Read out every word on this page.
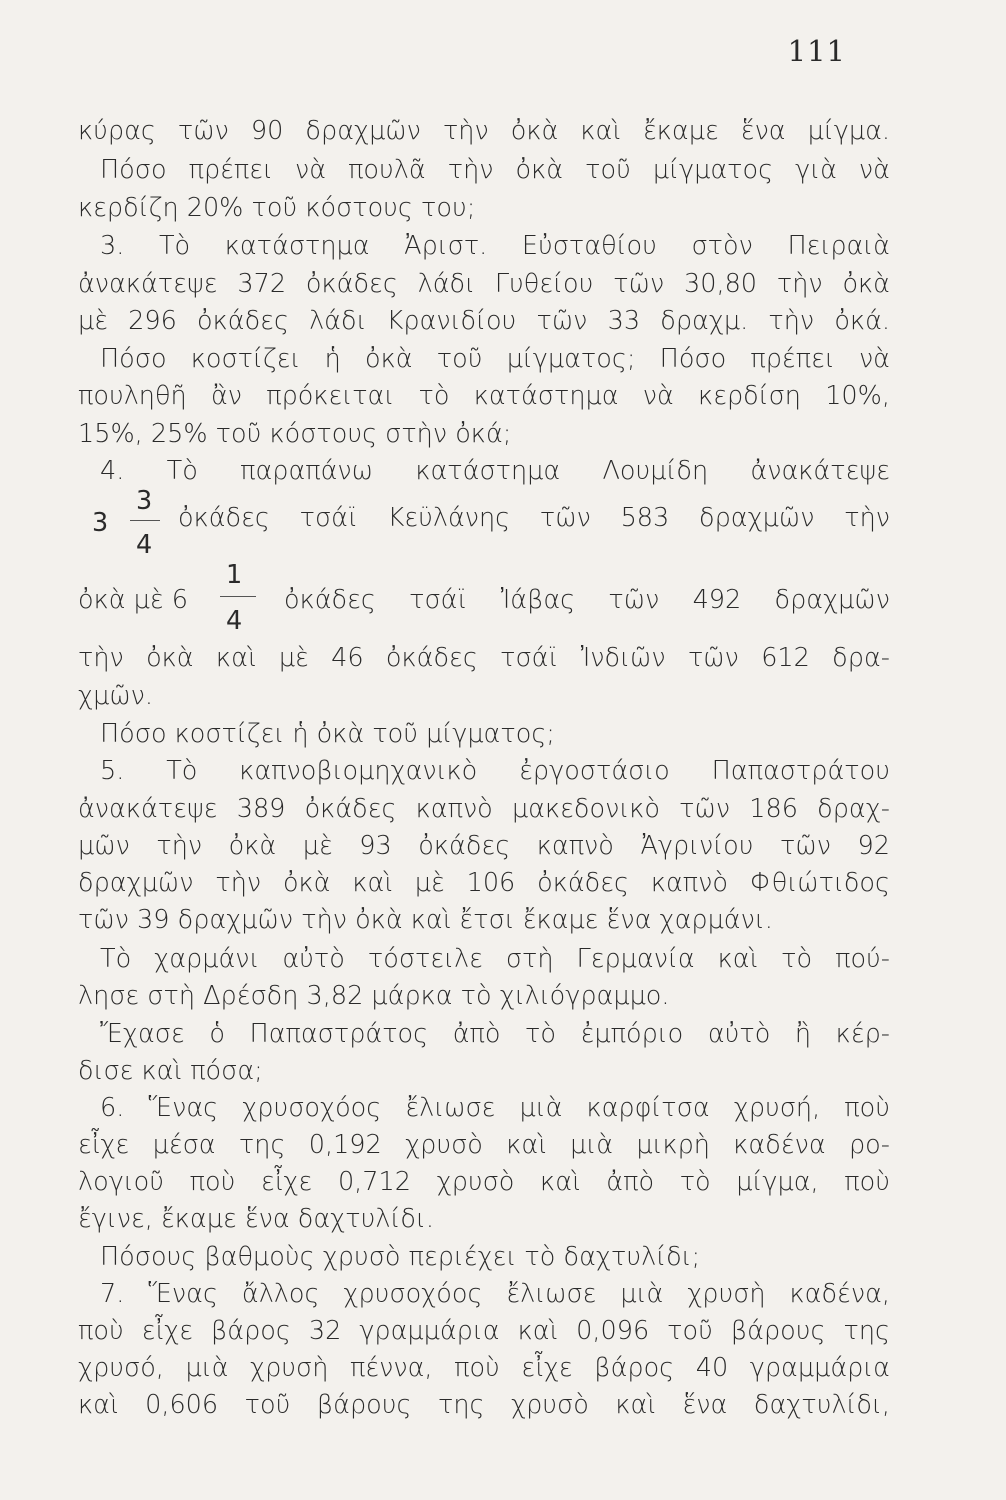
111
κύρας τῶν 90 δραχμῶν τὴν ὀκὰ καὶ ἔκαμε ἕνα μίγμα.
Πόσο πρέπει νὰ πουλᾶ τὴν ὀκὰ τοῦ μίγματος γιὰ νὰ
κερδίζη 20% τοῦ κόστους του;
3. Τὸ κατάστημα Ἀριστ. Εὐσταθίου στὸν Πειραιὰ
ἀνακάτεψε 372 ὀκάδες λάδι Γυθείου τῶν 30,80 τὴν ὀκὰ
μὲ 296 ὀκάδες λάδι Κρανιδίου τῶν 33 δραχμ. τὴν ὀκά.
Πόσο κοστίζει ἡ ὀκὰ τοῦ μίγματος; Πόσο πρέπει νὰ
πουληθῆ ἂν πρόκειται τὸ κατάστημα νὰ κερδίση 10%,
15%, 25% τοῦ κόστους στὴν ὀκά;
4. Τὸ παραπάνω κατάστημα Λουμίδη ἀνακάτεψε
3
3
4
ὀκάδες τσάϊ Κεϋλάνης τῶν 583 δραχμῶν τὴν
ὀκὰ μὲ 6
1
4
ὀκάδες τσάϊ Ἰάβας τῶν 492 δραχμῶν
τὴν ὀκὰ καὶ μὲ 46 ὀκάδες τσάϊ Ἰνδιῶν τῶν 612 δρα-
χμῶν.
Πόσο κοστίζει ἡ ὀκὰ τοῦ μίγματος;
5. Τὸ καπνοβιομηχανικὸ ἐργοστάσιο Παπαστράτου
ἀνακάτεψε 389 ὀκάδες καπνὸ μακεδονικὸ τῶν 186 δραχ-
μῶν τὴν ὀκὰ μὲ 93 ὀκάδες καπνὸ Ἀγρινίου τῶν 92
δραχμῶν τὴν ὀκὰ καὶ μὲ 106 ὀκάδες καπνὸ Φθιώτιδος
τῶν 39 δραχμῶν τὴν ὀκὰ καὶ ἔτσι ἔκαμε ἕνα χαρμάνι.
Τὸ χαρμάνι αὐτὸ τόστειλε στὴ Γερμανία καὶ τὸ πού-
λησε στὴ Δρέσδη 3,82 μάρκα τὸ χιλιόγραμμο.
Ἔχασε ὁ Παπαστράτος ἀπὸ τὸ ἐμπόριο αὐτὸ ἢ κέρ-
δισε καὶ πόσα;
6. Ἕνας χρυσοχόος ἔλιωσε μιὰ καρφίτσα χρυσή, ποὺ
εἶχε μέσα της 0,192 χρυσὸ καὶ μιὰ μικρὴ καδένα ρο-
λογιοῦ ποὺ εἶχε 0,712 χρυσὸ καὶ ἀπὸ τὸ μίγμα, ποὺ
ἔγινε, ἔκαμε ἕνα δαχτυλίδι.
Πόσους βαθμοὺς χρυσὸ περιέχει τὸ δαχτυλίδι;
7. Ἕνας ἄλλος χρυσοχόος ἔλιωσε μιὰ χρυσὴ καδένα,
ποὺ εἶχε βάρος 32 γραμμάρια καὶ 0,096 τοῦ βάρους της
χρυσό, μιὰ χρυσὴ πέννα, ποὺ εἶχε βάρος 40 γραμμάρια
καὶ 0,606 τοῦ βάρους της χρυσὸ καὶ ἕνα δαχτυλίδι,
